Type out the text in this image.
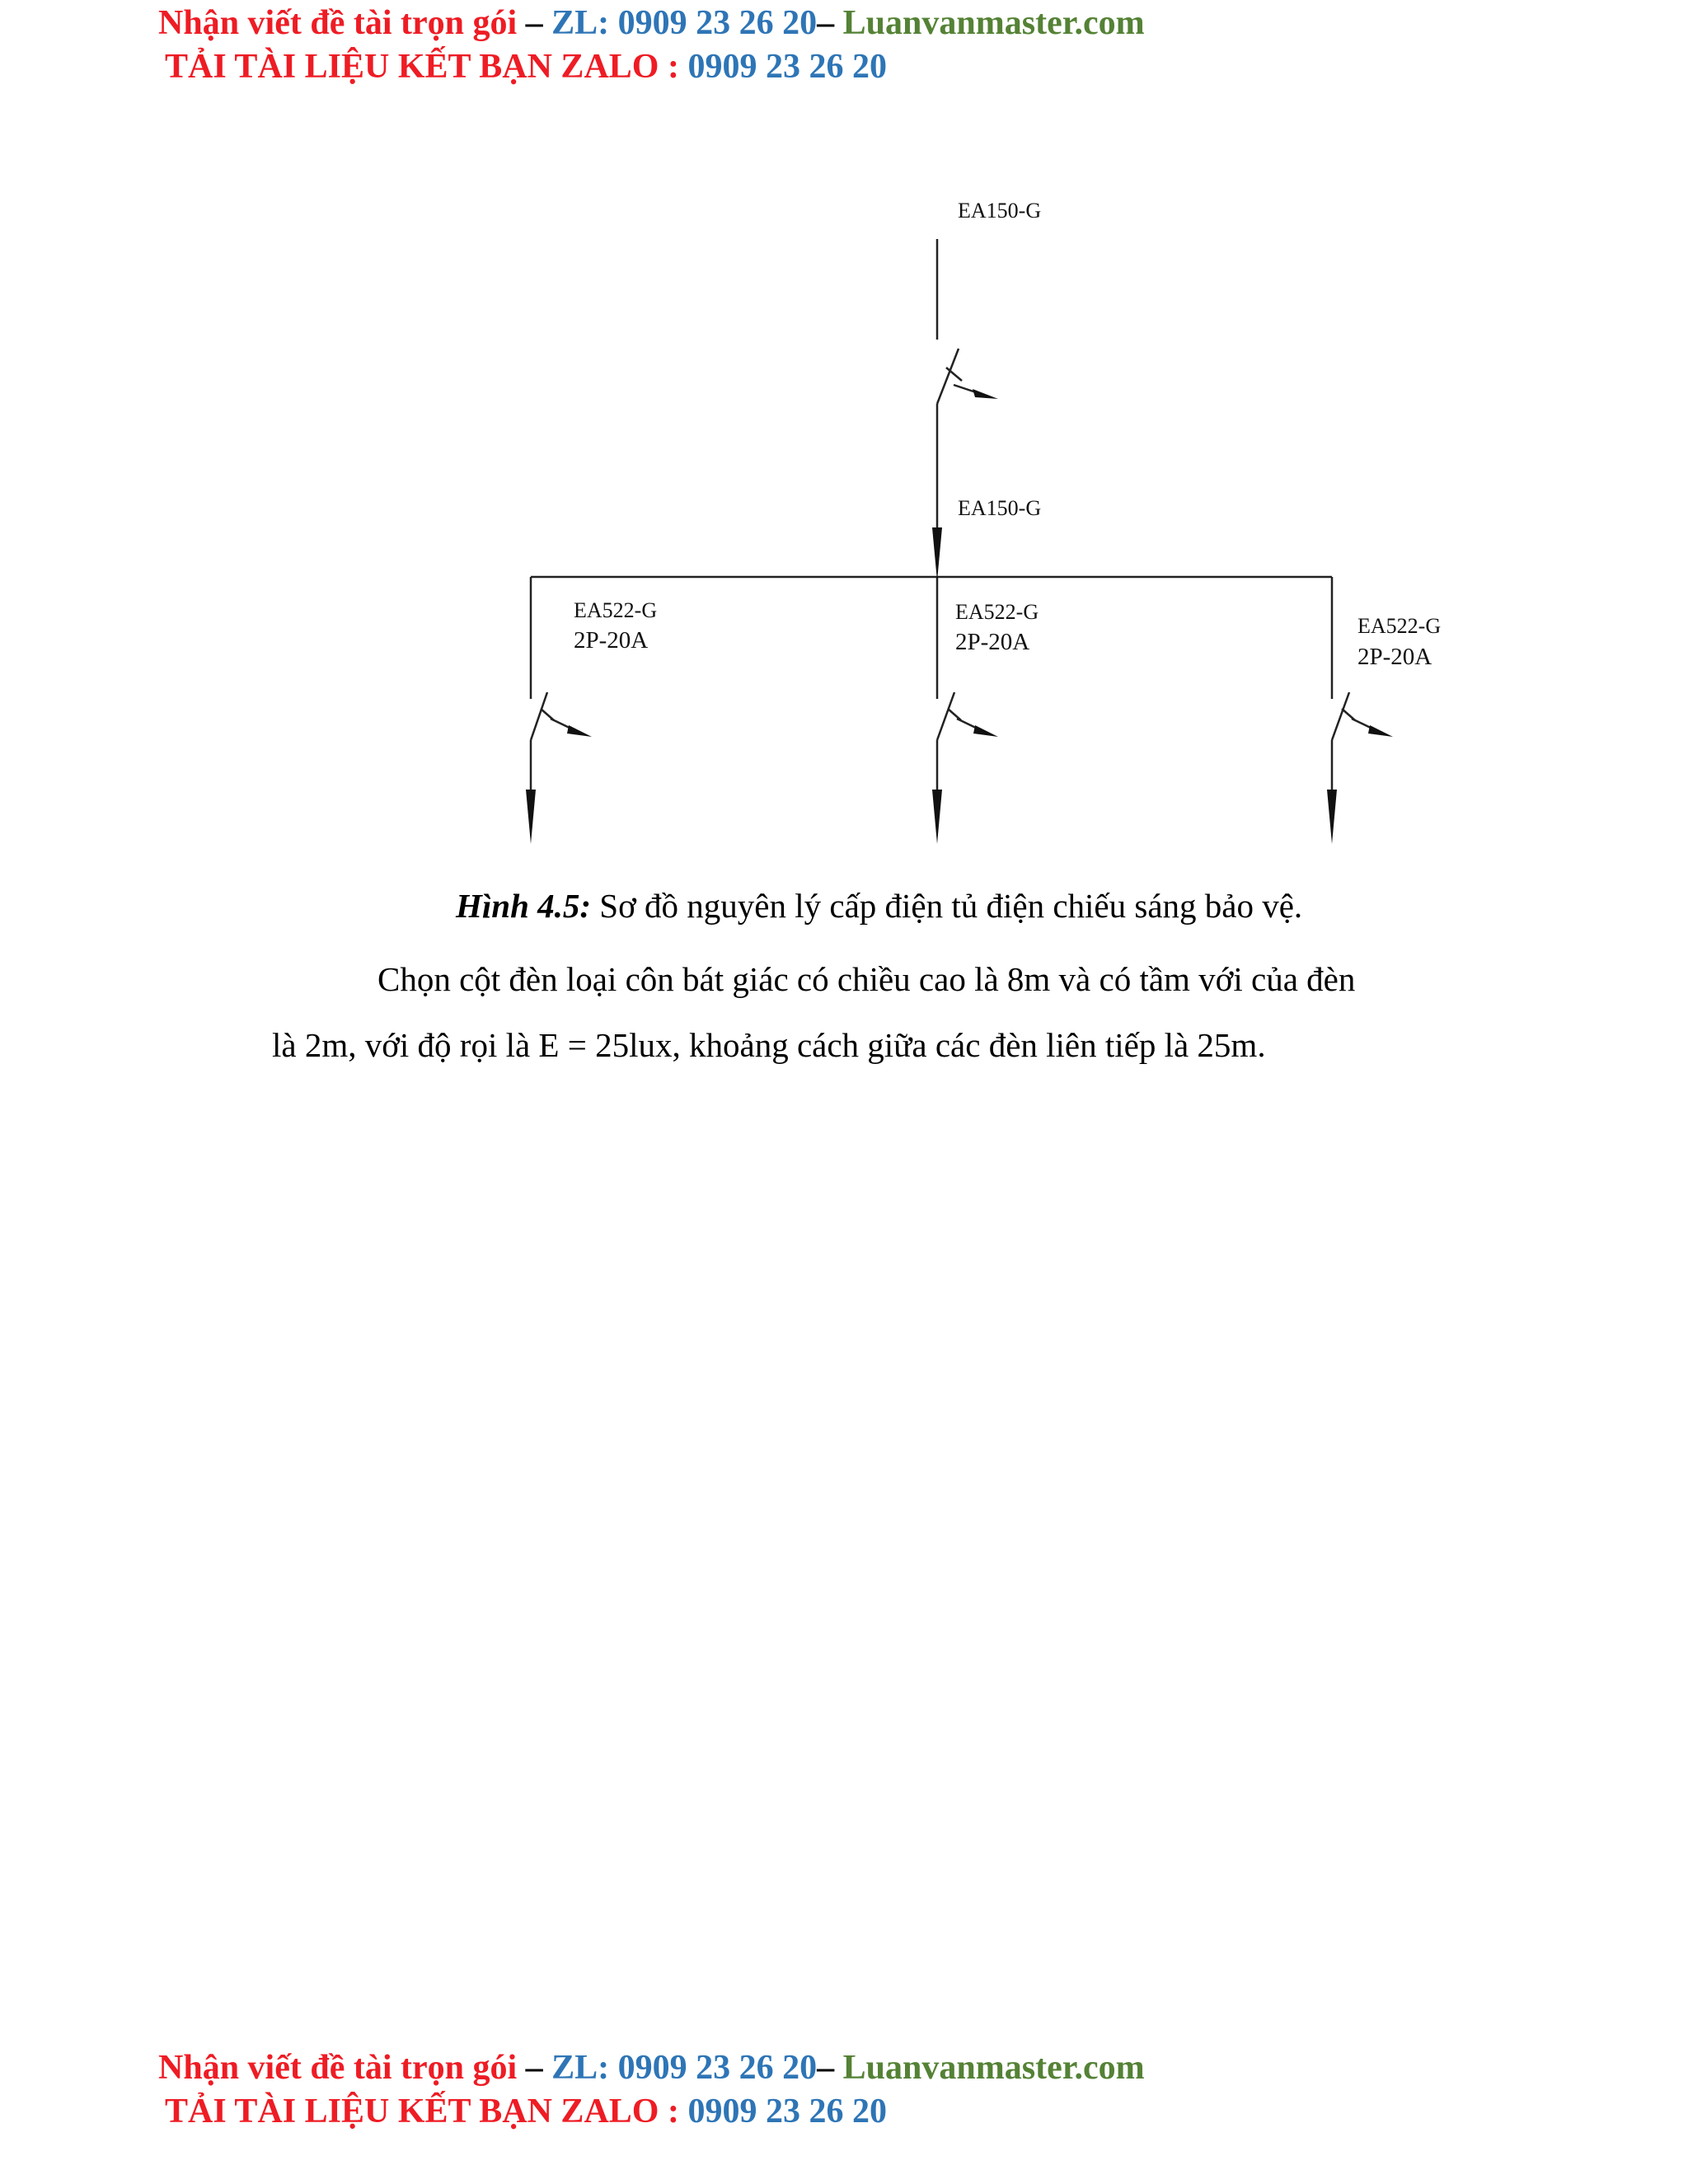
Nhận viết đề tài trọn gói – ZL: 0909 23 26 20– Luanvanmaster.com
TẢI TÀI LIỆU KẾT BẠN ZALO : 0909 23 26 20
EA150-G
EA150-G
EA522-G
2P-20A
EA522-G
2P-20A
EA522-G
2P-20A
Hình 4.5: Sơ đồ nguyên lý cấp điện tủ điện chiếu sáng bảo vệ.
Chọn cột đèn loại côn bát giác có chiều cao là 8m và có tầm với của đèn
là 2m, với độ rọi là E = 25lux, khoảng cách giữa các đèn liên tiếp là 25m.
Nhận viết đề tài trọn gói – ZL: 0909 23 26 20– Luanvanmaster.com
TẢI TÀI LIỆU KẾT BẠN ZALO : 0909 23 26 20
